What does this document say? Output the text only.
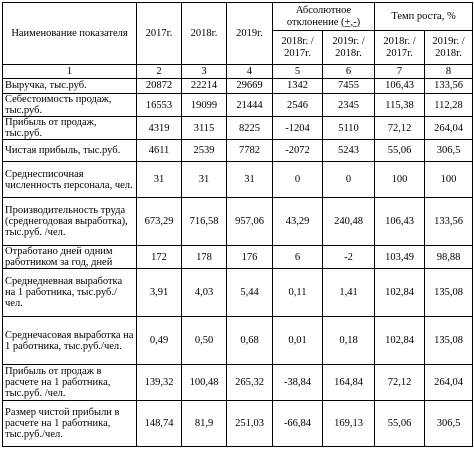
Наименование показателя	2017г.	2018г.	2019г.	Абсолютное отклонение (+,-)		Темп роста, %	
				2018г. / 2017г.	2019г. / 2018г.	2018г. / 2017г.	2019г. / 2018г.
1	2	3	4	5	6	7	8
Выручка, тыс.руб.	20872	22214	29669	1342	7455	106,43	133,56
Себестоимость продаж, тыс.руб.	16553	19099	21444	2546	2345	115,38	112,28
Прибыль от продаж, тыс.руб.	4319	3115	8225	-1204	5110	72,12	264,04
Чистая прибыль, тыс.руб.	4611	2539	7782	-2072	5243	55,06	306,5
Среднесписочная численность персонала, чел.	31	31	31	0	0	100	100
Производительность труда (среднегодовая выработка), тыс.руб. /чел.	673,29	716,58	957,06	43,29	240,48	106,43	133,56
Отработано дней одним работником за год, дней	172	178	176	6	-2	103,49	98,88
Среднедневная выработка на 1 работника, тыс.руб./чел.	3,91	4,03	5,44	0,11	1,41	102,84	135,08
Среднечасовая выработка на 1 работника, тыс.руб./чел.	0,49	0,50	0,68	0,01	0,18	102,84	135,08
Прибыль от продаж в расчете на 1 работника, тыс.руб. /чел.	139,32	100,48	265,32	-38,84	164,84	72,12	264,04
Размер чистой прибыли в расчете на 1 работника, тыс.руб./чел.	148,74	81,9	251,03	-66,84	169,13	55,06	306,5
